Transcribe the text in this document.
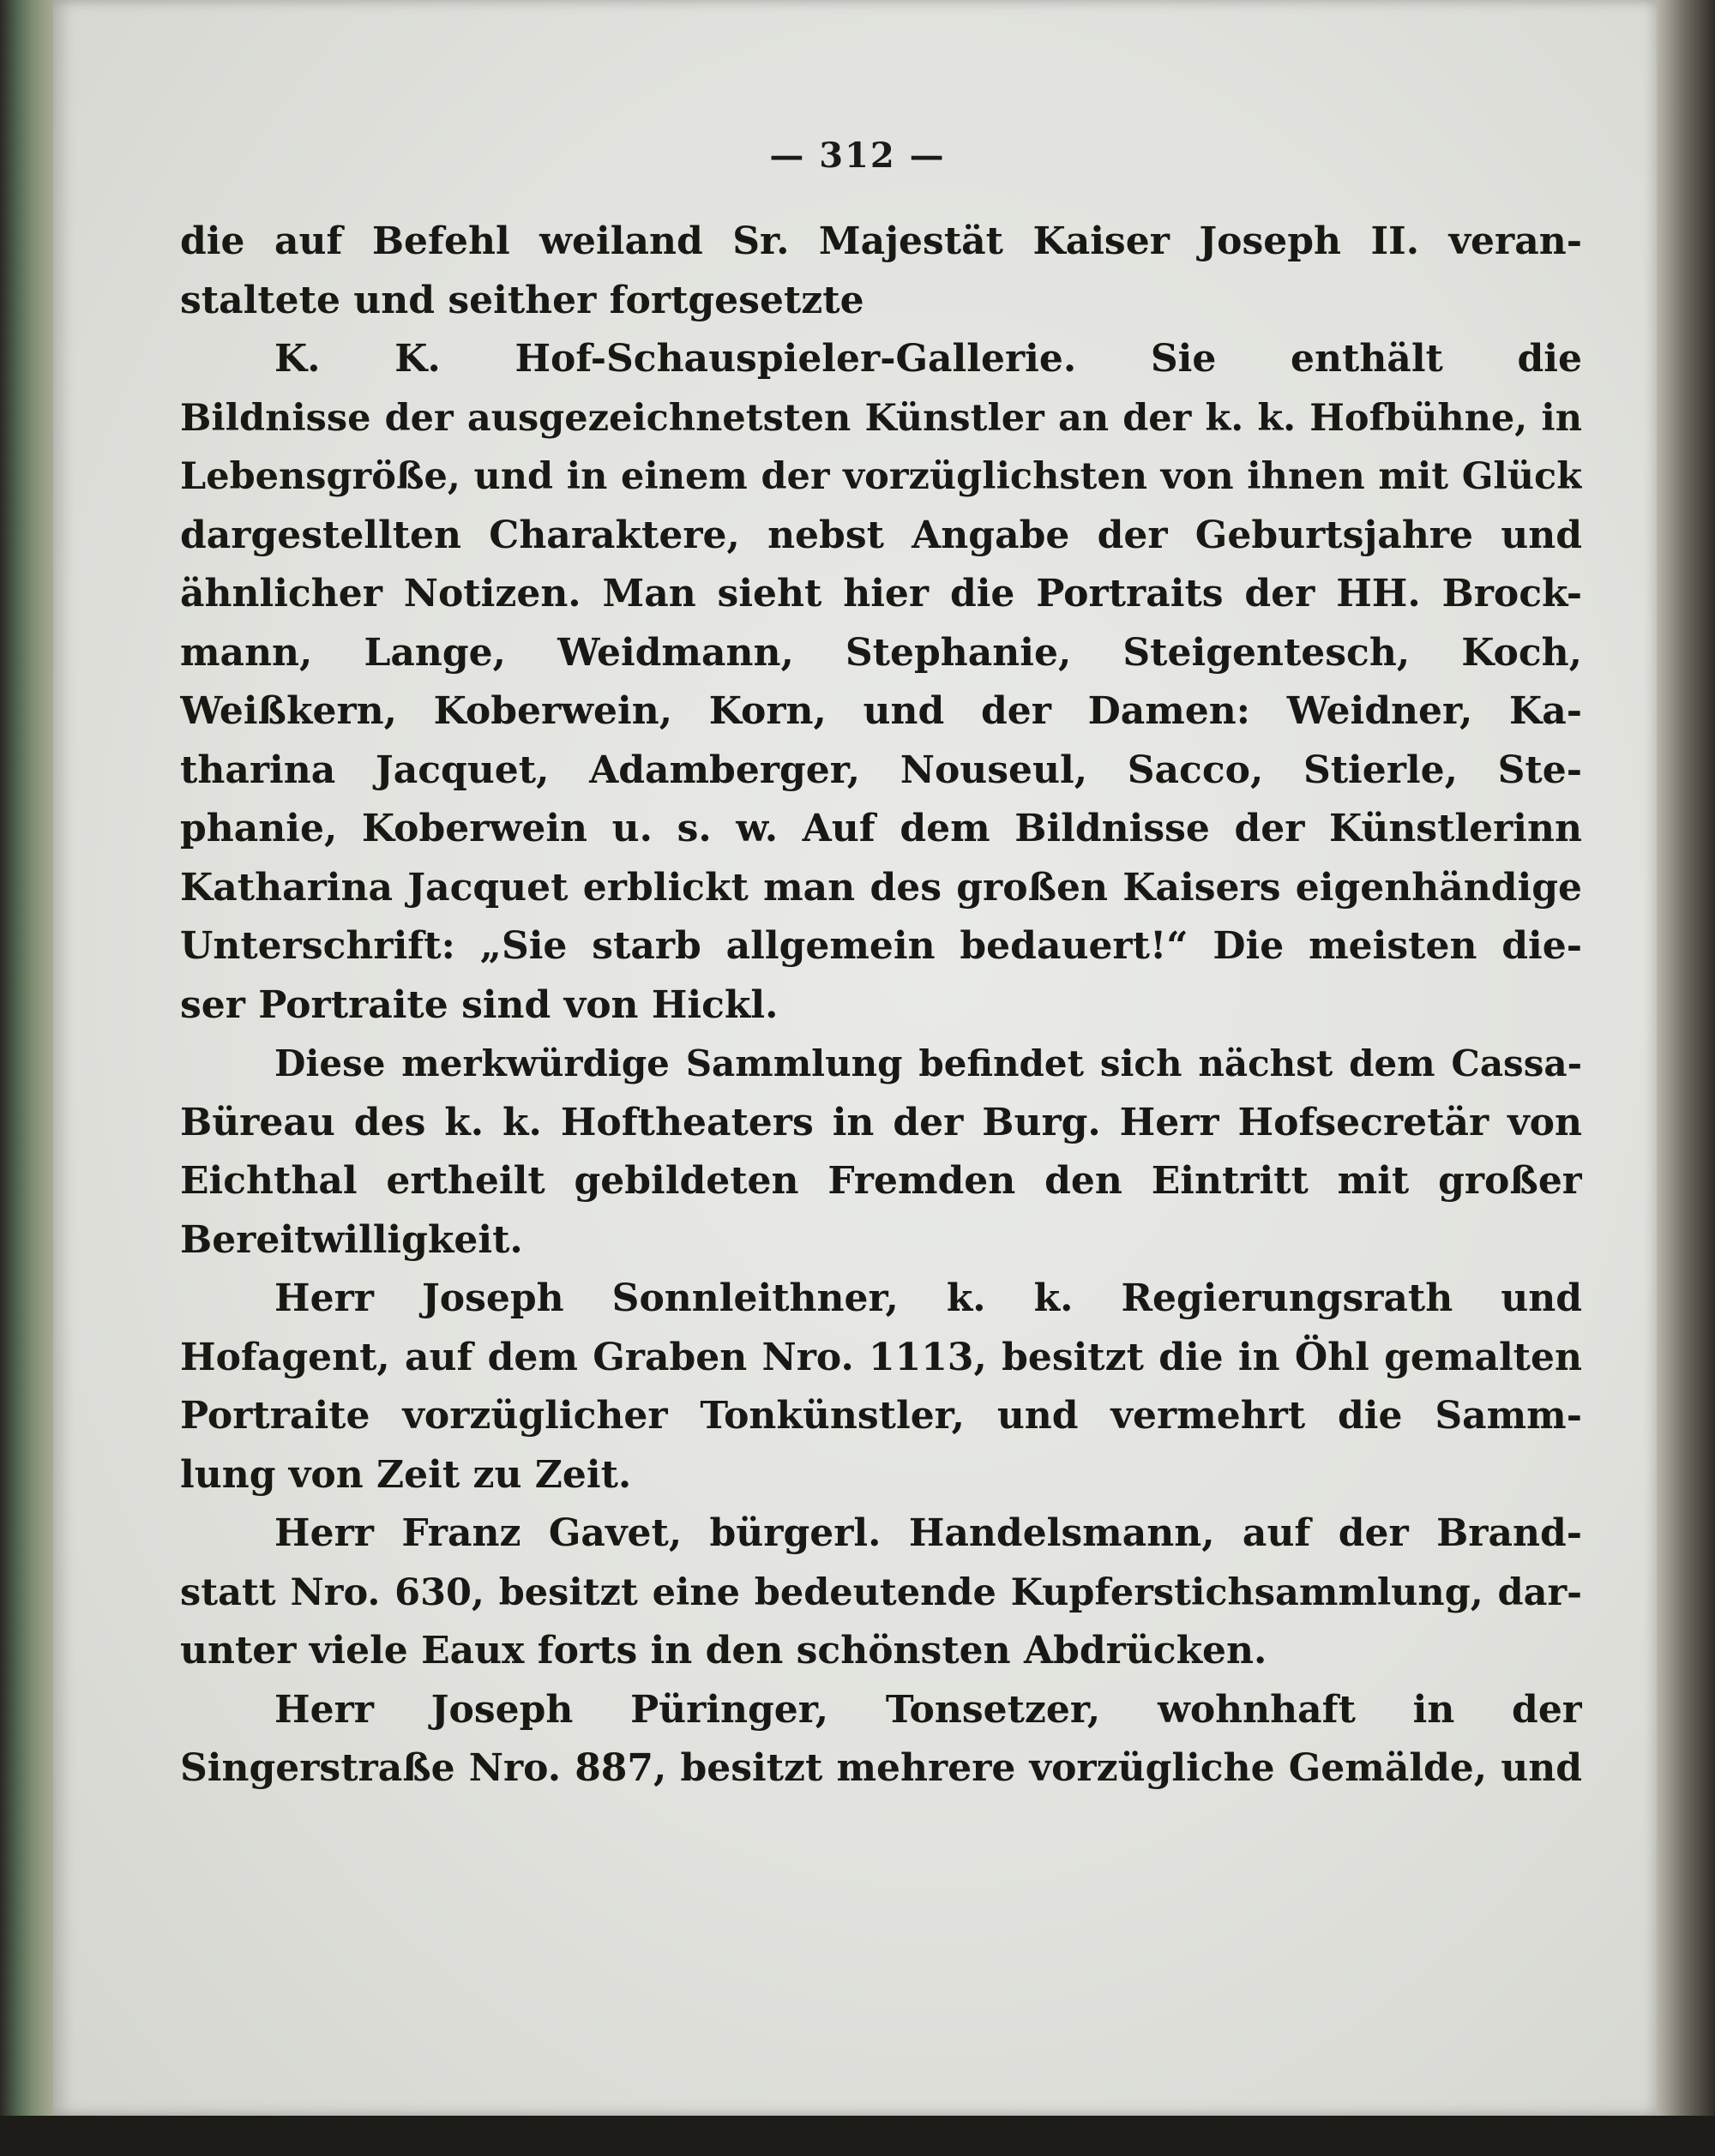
— 312 —
die auf Befehl weiland Sr. Majestät Kaiser Joseph II. veran-
staltete und seither fortgesetzte
K. K. Hof-Schauspieler-Gallerie. Sie enthält die
Bildnisse der ausgezeichnetsten Künstler an der k. k. Hofbühne, in
Lebensgröße, und in einem der vorzüglichsten von ihnen mit Glück
dargestellten Charaktere, nebst Angabe der Geburtsjahre und
ähnlicher Notizen. Man sieht hier die Portraits der HH. Brock-
mann, Lange, Weidmann, Stephanie, Steigentesch, Koch,
Weißkern, Koberwein, Korn, und der Damen: Weidner, Ka-
tharina Jacquet, Adamberger, Nouseul, Sacco, Stierle, Ste-
phanie, Koberwein u. s. w. Auf dem Bildnisse der Künstlerinn
Katharina Jacquet erblickt man des großen Kaisers eigenhändige
Unterschrift: „Sie starb allgemein bedauert!“ Die meisten die-
ser Portraite sind von Hickl.
Diese merkwürdige Sammlung befindet sich nächst dem Cassa-
Büreau des k. k. Hoftheaters in der Burg. Herr Hofsecretär von
Eichthal ertheilt gebildeten Fremden den Eintritt mit großer
Bereitwilligkeit.
Herr Joseph Sonnleithner, k. k. Regierungsrath und
Hofagent, auf dem Graben Nro. 1113, besitzt die in Öhl gemalten
Portraite vorzüglicher Tonkünstler, und vermehrt die Samm-
lung von Zeit zu Zeit.
Herr Franz Gavet, bürgerl. Handelsmann, auf der Brand-
statt Nro. 630, besitzt eine bedeutende Kupferstichsammlung, dar-
unter viele Eaux forts in den schönsten Abdrücken.
Herr Joseph Püringer, Tonsetzer, wohnhaft in der
Singerstraße Nro. 887, besitzt mehrere vorzügliche Gemälde, und
